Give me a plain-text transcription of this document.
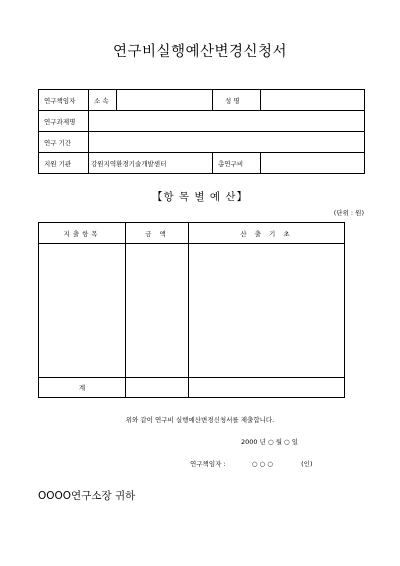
연구비실행예산변경신청서
연구책임자	소 속		성 명	
연구과제명				
연구 기간				
지원 기관	강원지역환경기술개발센터		총연구비	
【항 목 별 예 산】
(단위 : 원)
지출항목	금 액	산 출 기 초

계		
위와 같이 연구비 실행예산변경신청서를 제출합니다.
2000 년 ○ 월 ○ 일
연구책임자 :	○ ○ ○	(인)
OOOO연구소장 귀하
